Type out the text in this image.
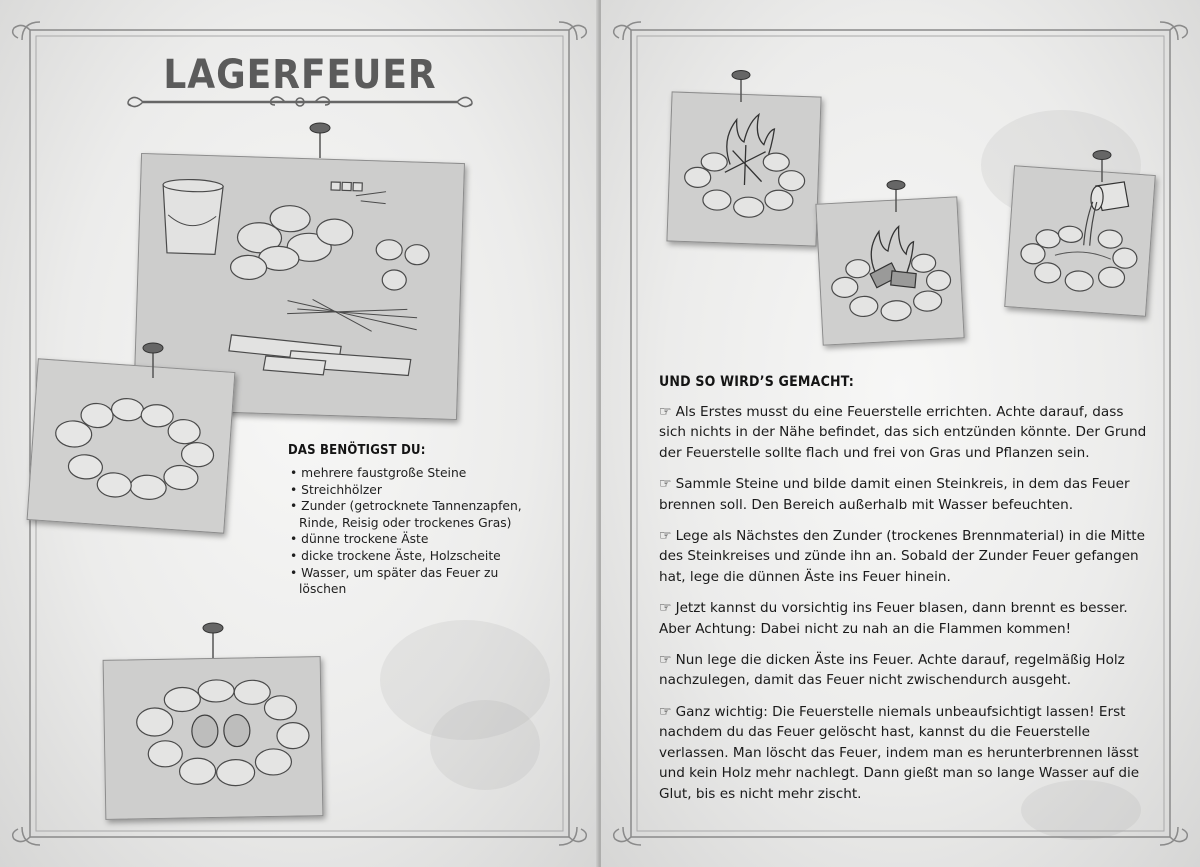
LAGERFEUER
DAS BENÖTIGST DU:
• mehrere faustgroße Steine
• Streichhölzer
• Zunder (getrocknete Tannenzapfen, Rinde, Reisig oder trockenes Gras)
• dünne trockene Äste
• dicke trockene Äste, Holzscheite
• Wasser, um später das Feuer zu löschen
UND SO WIRD’S GEMACHT:

☞ Als Erstes musst du eine Feuerstelle errichten. Achte darauf, dass sich nichts in der Nähe befindet, das sich entzünden könnte. Der Grund der Feuerstelle sollte flach und frei von Gras und Pflanzen sein.

☞ Sammle Steine und bilde damit einen Steinkreis, in dem das Feuer brennen soll. Den Bereich außerhalb mit Wasser befeuchten.

☞ Lege als Nächstes den Zunder (trockenes Brennmaterial) in die Mitte des Steinkreises und zünde ihn an. Sobald der Zunder Feuer gefangen hat, lege die dünnen Äste ins Feuer hinein.

☞ Jetzt kannst du vorsichtig ins Feuer blasen, dann brennt es besser. Aber Achtung: Dabei nicht zu nah an die Flammen kommen!

☞ Nun lege die dicken Äste ins Feuer. Achte darauf, regelmäßig Holz nachzulegen, damit das Feuer nicht zwischendurch ausgeht.

☞ Ganz wichtig: Die Feuerstelle niemals unbeaufsichtigt lassen! Erst nachdem du das Feuer gelöscht hast, kannst du die Feuerstelle verlassen. Man löscht das Feuer, indem man es herunterbrennen lässt und kein Holz mehr nachlegt. Dann gießt man so lange Wasser auf die Glut, bis es nicht mehr zischt.
